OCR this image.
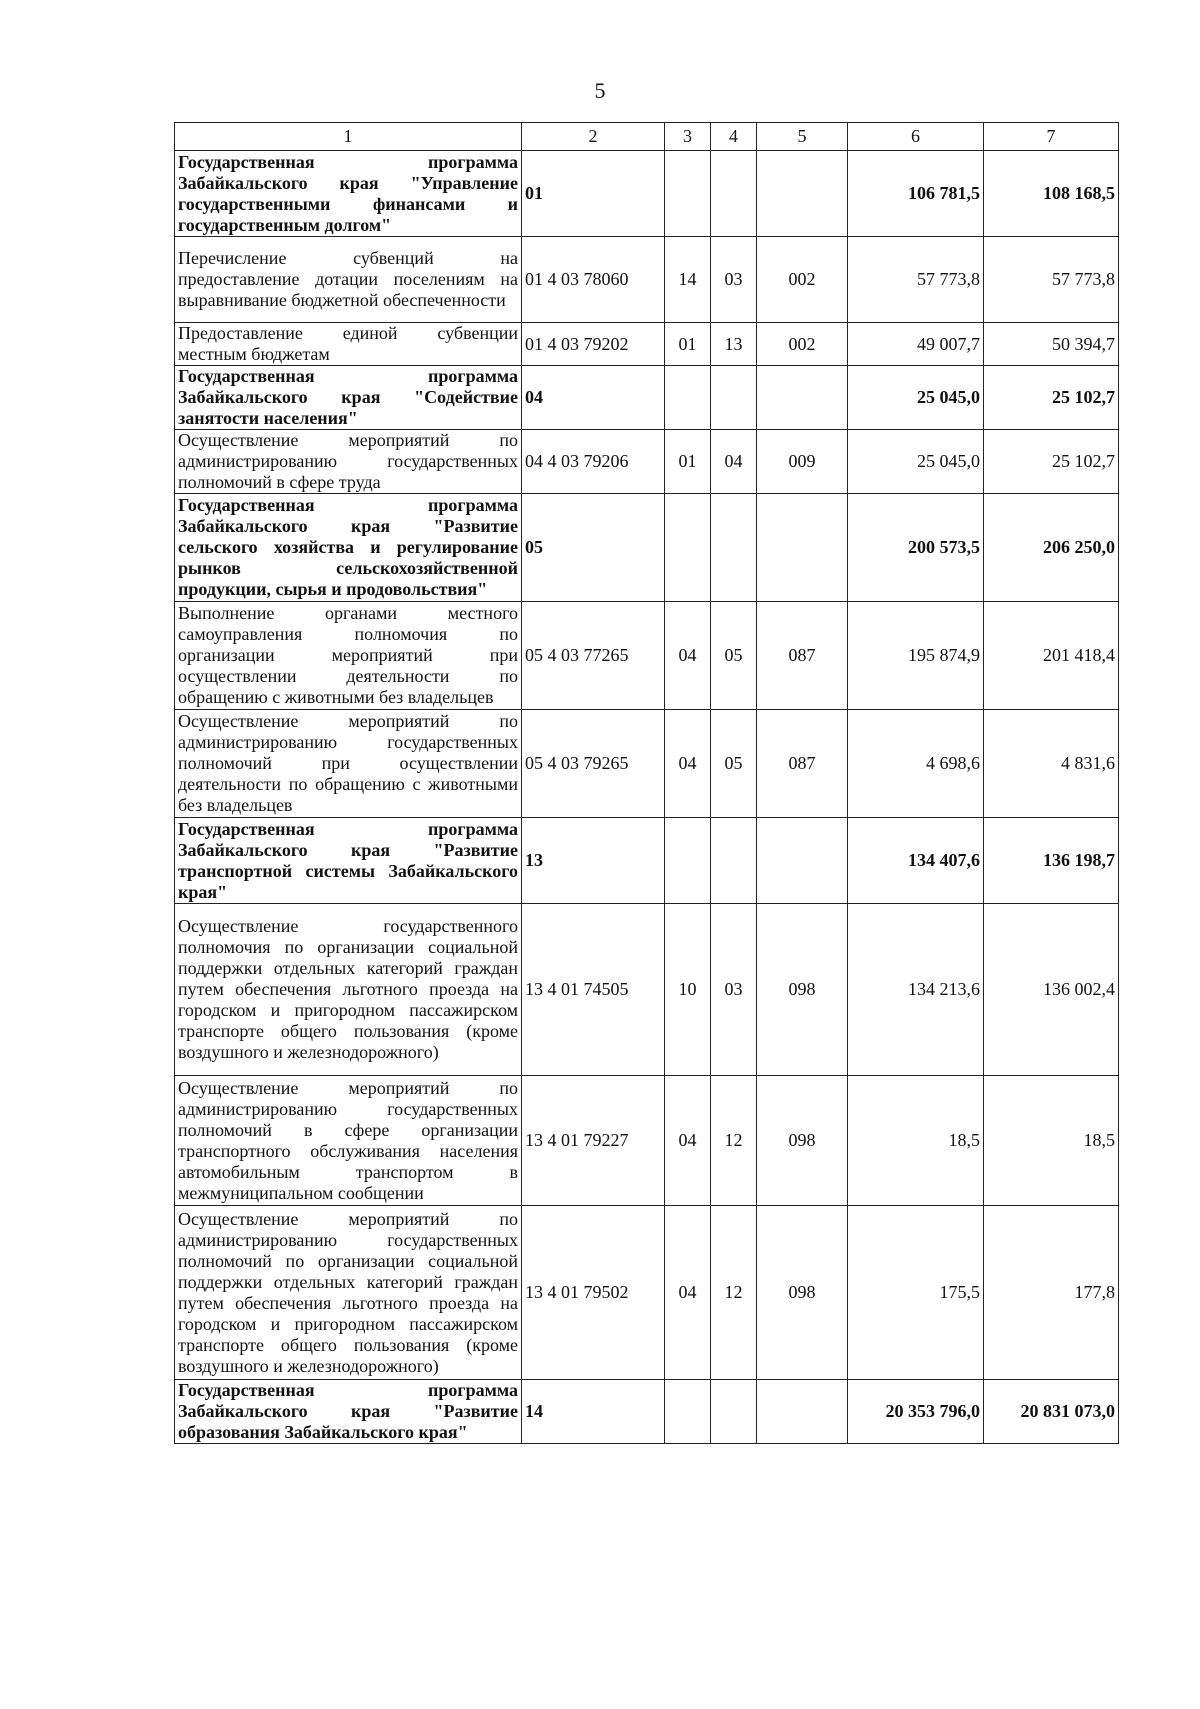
5
1	2	3	4	5	6	7
Государственная программа Забайкальского края "Управление государственными финансами и государственным долгом"	01				106 781,5	108 168,5
Перечисление субвенций на предоставление дотации поселениям на выравнивание бюджетной обеспеченности	01 4 03 78060	14	03	002	57 773,8	57 773,8
Предоставление единой субвенции местным бюджетам	01 4 03 79202	01	13	002	49 007,7	50 394,7
Государственная программа Забайкальского края "Содействие занятости населения"	04				25 045,0	25 102,7
Осуществление мероприятий по администрированию государственных полномочий в сфере труда	04 4 03 79206	01	04	009	25 045,0	25 102,7
Государственная программа Забайкальского края "Развитие сельского хозяйства и регулирование рынков сельскохозяйственной продукции, сырья и продовольствия"	05				200 573,5	206 250,0
Выполнение органами местного самоуправления полномочия по организации мероприятий при осуществлении деятельности по обращению с животными без владельцев	05 4 03 77265	04	05	087	195 874,9	201 418,4
Осуществление мероприятий по администрированию государственных полномочий при осуществлении деятельности по обращению с животными без владельцев	05 4 03 79265	04	05	087	4 698,6	4 831,6
Государственная программа Забайкальского края "Развитие транспортной системы Забайкальского края"	13				134 407,6	136 198,7
Осуществление государственного полномочия по организации социальной поддержки отдельных категорий граждан путем обеспечения льготного проезда на городском и пригородном пассажирском транспорте общего пользования (кроме воздушного и железнодорожного)	13 4 01 74505	10	03	098	134 213,6	136 002,4
Осуществление мероприятий по администрированию государственных полномочий в сфере организации транспортного обслуживания населения автомобильным транспортом в межмуниципальном сообщении	13 4 01 79227	04	12	098	18,5	18,5
Осуществление мероприятий по администрированию государственных полномочий по организации социальной поддержки отдельных категорий граждан путем обеспечения льготного проезда на городском и пригородном пассажирском транспорте общего пользования (кроме воздушного и железнодорожного)	13 4 01 79502	04	12	098	175,5	177,8
Государственная программа Забайкальского края "Развитие образования Забайкальского края"	14				20 353 796,0	20 831 073,0
